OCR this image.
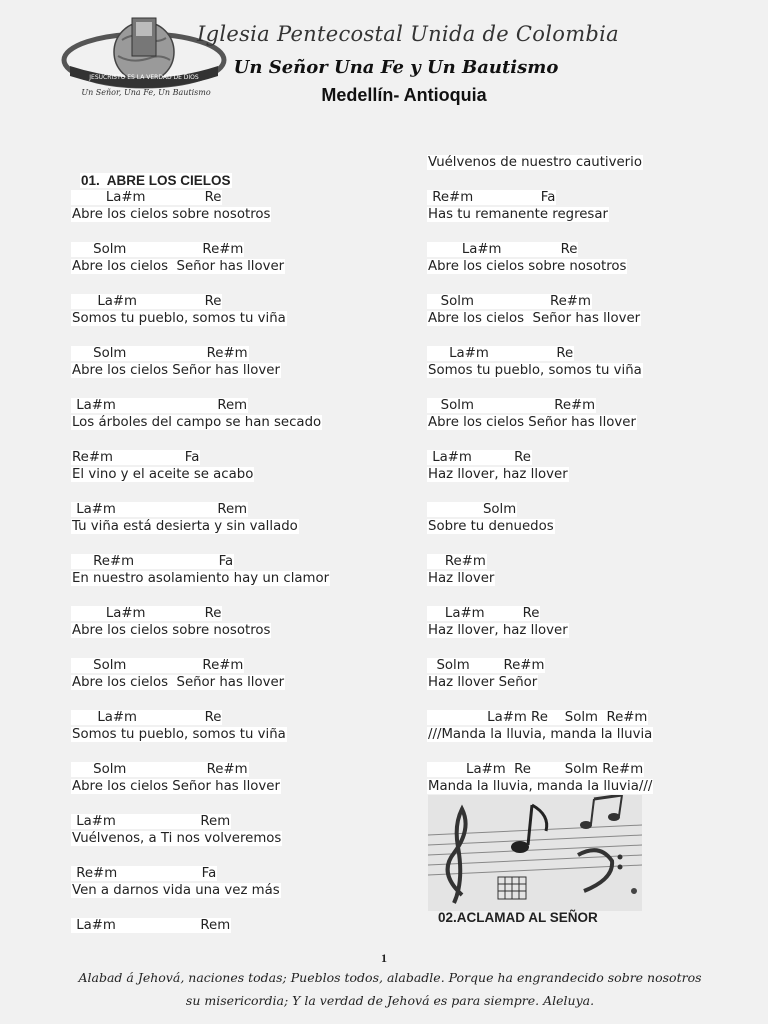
JESUCRISTO ES LA VERDAD DE DIOS
Un Señor, Una Fe, Un Bautismo
Iglesia Pentecostal Unida de Colombia
Un Señor Una Fe y Un Bautismo
Medellín- Antioquia
01.  ABRE LOS CIELOS
La#m              Re
Abre los cielos sobre nosotros
Solm                  Re#m
Abre los cielos  Señor has llover
La#m                Re
Somos tu pueblo, somos tu viña
Solm                   Re#m
Abre los cielos Señor has llover
La#m                        Rem
Los árboles del campo se han secado
Re#m                 Fa
El vino y el aceite se acabo
La#m                        Rem
Tu viña está desierta y sin vallado
Re#m                    Fa
En nuestro asolamiento hay un clamor
La#m              Re
Abre los cielos sobre nosotros
Solm                  Re#m
Abre los cielos  Señor has llover
La#m                Re
Somos tu pueblo, somos tu viña
Solm                   Re#m
Abre los cielos Señor has llover
La#m                    Rem
Vuélvenos, a Ti nos volveremos
Re#m                    Fa
Ven a darnos vida una vez más
La#m                    Rem
Vuélvenos de nuestro cautiverio
Re#m                Fa
Has tu remanente regresar
La#m              Re
Abre los cielos sobre nosotros
Solm                  Re#m
Abre los cielos  Señor has llover
La#m                Re
Somos tu pueblo, somos tu viña
Solm                   Re#m
Abre los cielos Señor has llover
La#m          Re
Haz llover, haz llover
Solm
Sobre tu denuedos
Re#m
Haz llover
La#m         Re
Haz llover, haz llover
Solm        Re#m
Haz llover Señor
La#m Re    Solm  Re#m
///Manda la lluvia, manda la lluvia
La#m  Re        Solm Re#m
Manda la lluvia, manda la lluvia///
02.ACLAMAD AL SEÑOR
1
Alabad á Jehová, naciones todas; Pueblos todos, alabadle. Porque ha engrandecido sobre nosotros su misericordia; Y la verdad de Jehová es para siempre. Aleluya.
